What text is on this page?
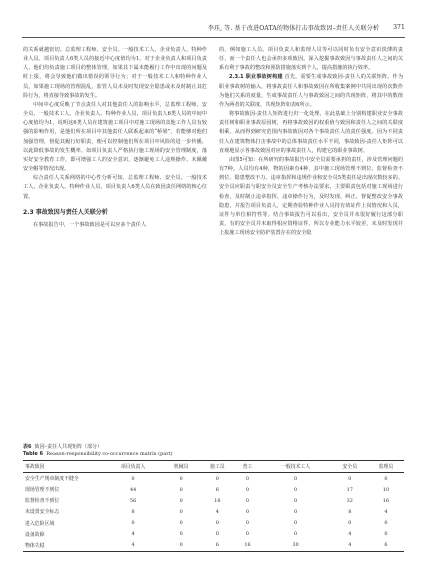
李珏, 等. 基于改进OATA的物体打击事故致因–责任人关联分析 371

的关系就越密切。总监理工程师、安全员、一般技术工人、企业负责人、特种作业人员、项目负责人6类人员的接近中心度值均为1。对于企业负责人和项目负责人，他们均负责施工项目的整体管理，如果其下属未能履行工作中出现的问题及时上报，将会导致他们做出错误的领导行为；对于一般技术工人和特种作业人员，如果施工现场的管理混乱，监管人员未及时发现安全隐患或未及时制止其危险行为，将直接导致事故的发生。

中间中心度反映了节点责任人对其他责任人的影响水平，总监理工程师、安全员、一般技术工人、企业负责人、特种作业人员、项目负责人6类人员的中间中心度值均为1，说明这6类人员在建筑施工项目中对施工现场的其他工作人员有较强的影响作用，是他们所在项目中其他责任人联系起来的“桥梁”，若能够对他们加强管理，督促其履行好职责，便可以控制他们所在项目中风险的进一步传播，以此降低事故的发生概率。如项目负责人严格执行施工现场的安全管理制度，落实好安全教育工作，即可增强工人的安全意识，逐渐避免工人违规操作、未佩戴安全帽等情况出现。

综合责任人关系网络的中心性分析可知，总监理工程师、安全员、一般技术工人、企业负责人、特种作业人员、项目负责人6类人员在致因责任网络的核心位置。

2.3 事故致因与责任人关联分析

在事故报告中，一个事故致因是可以应多个责任人

的，例如施工人员、项目负责人和监理人员等可以同时负有安全意识淡薄的责任，而一个责任人也会承担多项致因。深入挖掘事故致因与事故责任人之间的关系有利于事故的整改和预防措施落实到个人，提高措施的执行效率。

2.3.1 职业事故树构建 首先，需要生成事故致因-责任人的关联矩阵。作为职业事故树的输入，将事故责任人和事故致因在所收集案例中共同出现的次数作为他们关系的度量，生成事故责任人与事故致因之间的共现矩阵，将其中的数值作为两者的关联度，共现矩阵如表6所示。

将事故致因-责任人矩阵进行归一化处理，在此基础上分别构建职业安全事故责任树和职业事故原因树，再将事故致因的权重值与致因和责任人之间的关联度相乘，从而得到研究范围内事故致因对各个事故责任人的责任强度。因为不同责任人在建筑物体打击事故中的总体事故责任水平不同，事故致因-责任人矩阵可以直观地显示各事故致因对应的事故责任人，构建它的职业事故树。

由图5可知：在所研究的事故报告中安全员需要承担的责任，涉及管理问题的有7种。人员均有4种，物的因素有4种，其中施工现场管理不到位、监督检查不到位、隐患整改不力、违章指挥和违规作业和安全员5类责任是出现次数较多的。安全员应职责与职安全员安全生产考核办法要求，主要职责包括对施工现场进行检查，及时制止违章指挥、违章操作行为，及时发现、纠正、督促整改安全事故隐患，并报告项目负责人，定期查验特种作业人员持有效证件上岗情况和人员，证件与单位相符性等。结合事故报告可以看出，安全员并未很好履行这部分职责，有的安全员并未取得相应资格证件，所以专业能力水平较差，未及时发现并上报施工现场安全防护装置存在的安全隐

表6 致因–责任人共现矩阵（部分）
Table 6 Reason-responsibility co-occurrence matrix (part)
事故致因	项目负责人	机械员	施工员	普工	一般技术工人	安全员	监理员
安全生产规章制度不健全	0	0	0	0	0	0	0
现场管理不到位	44	0	6	0	0	17	10
监督检查不到位	56	0	18	0	0	32	16
未设置安全标志	8	0	4	0	0	8	4
进入危险区域	0	0	0	0	0	0	0
设备故障	4	0	0	0	0	4	0
物体失稳	4	0	6	16	30	4	6
